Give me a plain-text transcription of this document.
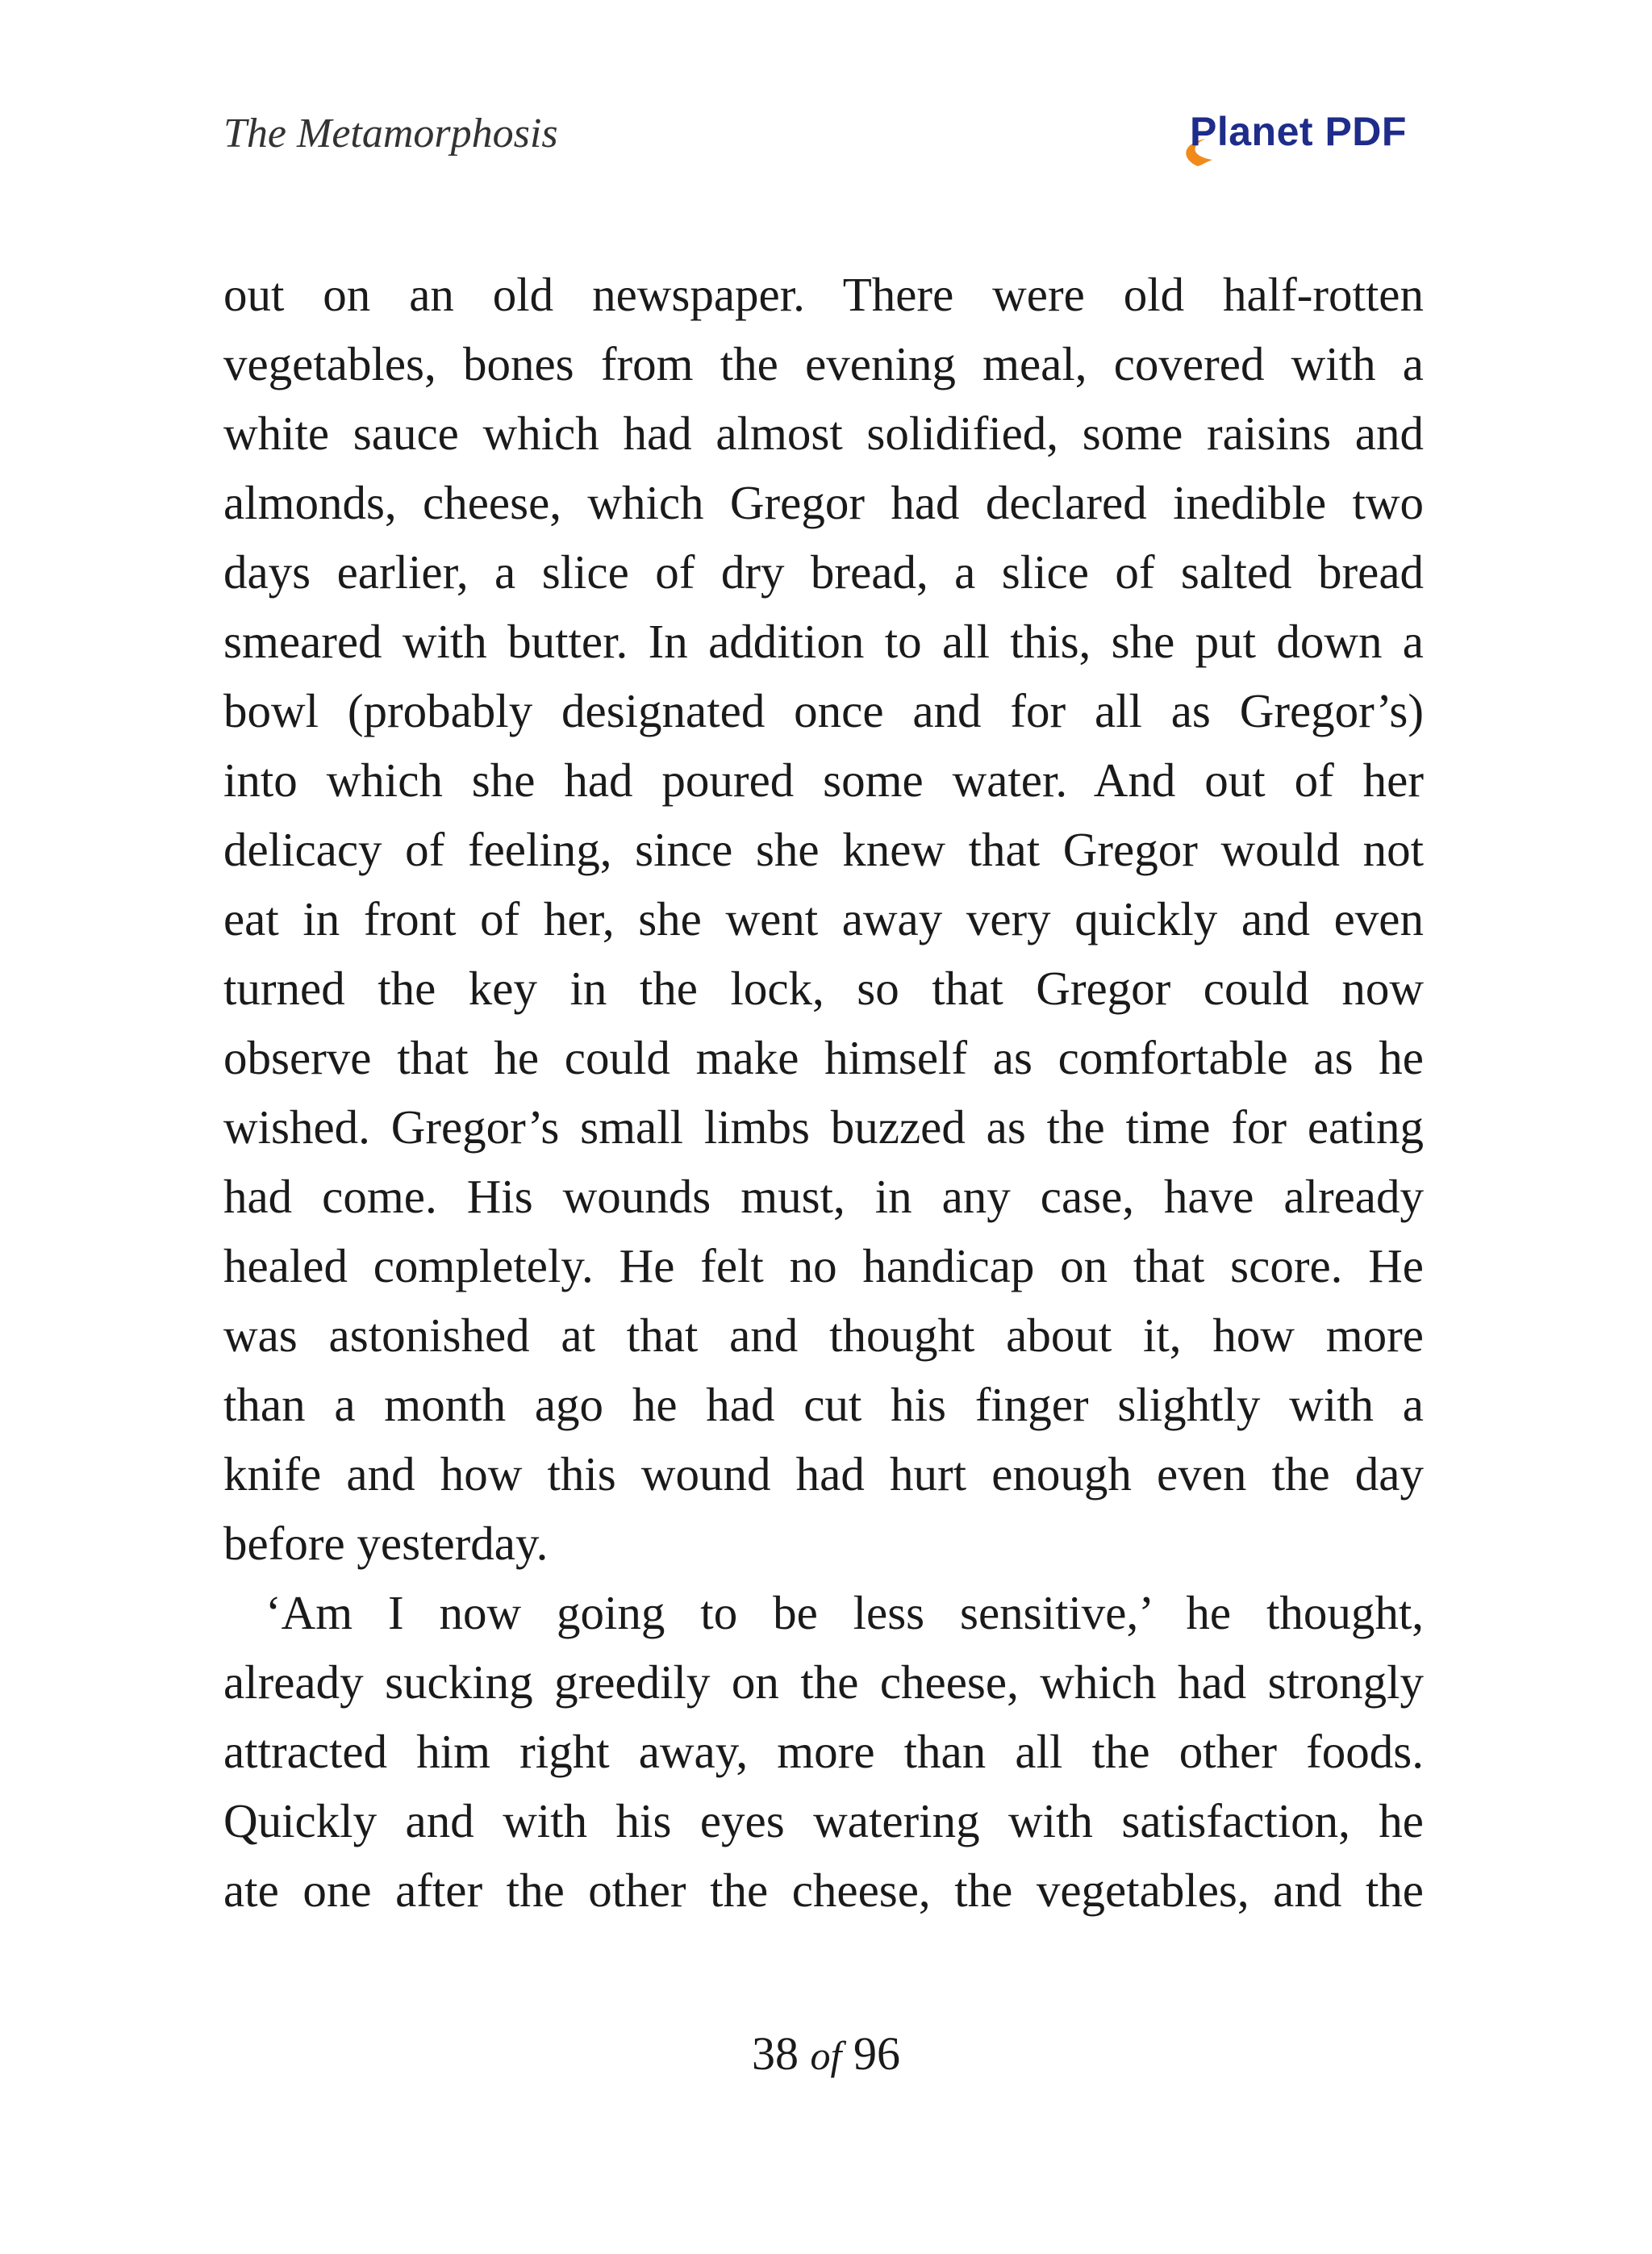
The Metamorphosis	Planet PDF
out on an old newspaper. There were old half-rotten
vegetables, bones from the evening meal, covered with a
white sauce which had almost solidified, some raisins and
almonds, cheese, which Gregor had declared inedible two
days earlier, a slice of dry bread, a slice of salted bread
smeared with butter. In addition to all this, she put down a
bowl (probably designated once and for all as Gregor’s)
into which she had poured some water. And out of her
delicacy of feeling, since she knew that Gregor would not
eat in front of her, she went away very quickly and even
turned the key in the lock, so that Gregor could now
observe that he could make himself as comfortable as he
wished. Gregor’s small limbs buzzed as the time for eating
had come. His wounds must, in any case, have already
healed completely. He felt no handicap on that score. He
was astonished at that and thought about it, how more
than a month ago he had cut his finger slightly with a
knife and how this wound had hurt enough even the day
before yesterday.
‘Am I now going to be less sensitive,’ he thought,
already sucking greedily on the cheese, which had strongly
attracted him right away, more than all the other foods.
Quickly and with his eyes watering with satisfaction, he
ate one after the other the cheese, the vegetables, and the
38 of 96
